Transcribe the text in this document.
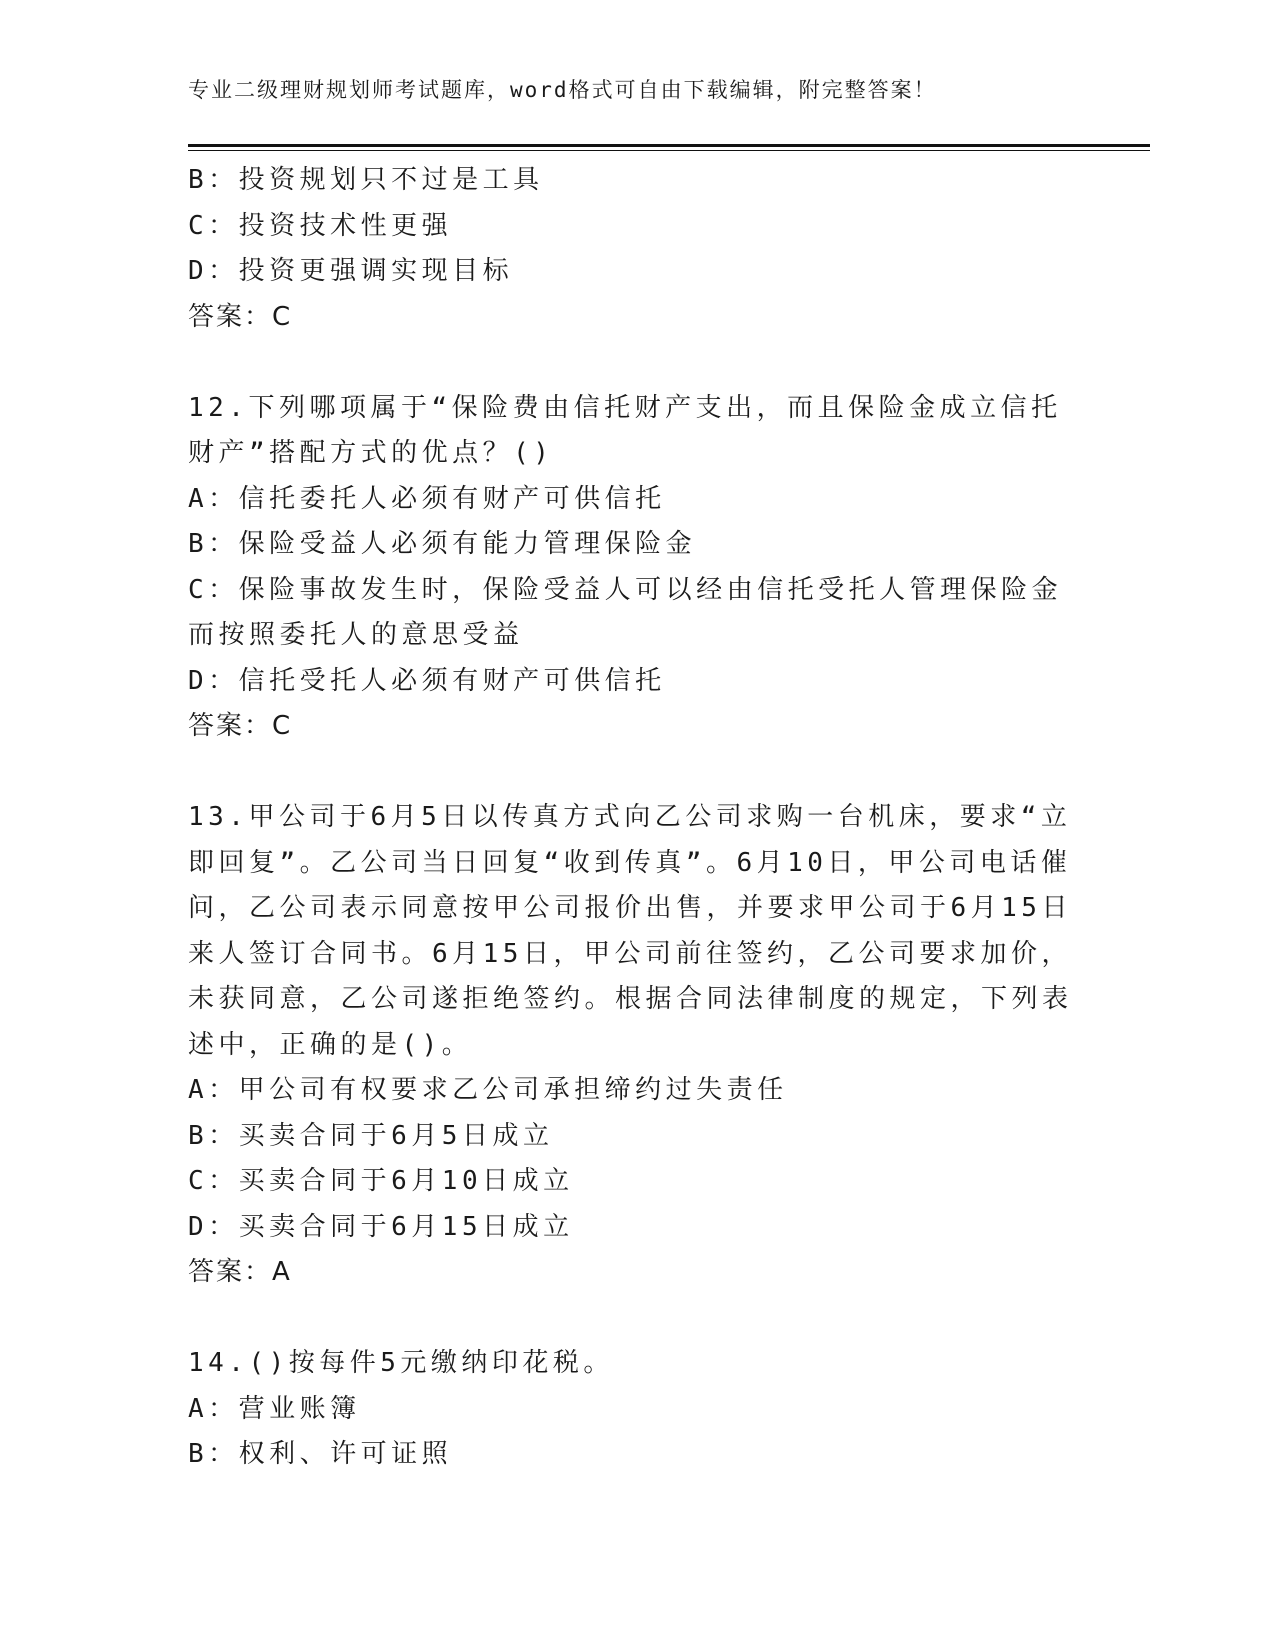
专业二级理财规划师考试题库，word格式可自由下载编辑，附完整答案！

B：投资规划只不过是工具

C：投资技术性更强

D：投资更强调实现目标

答案：C

12.下列哪项属于“保险费由信托财产支出，而且保险金成立信托财产”搭配方式的优点？()

A：信托委托人必须有财产可供信托

B：保险受益人必须有能力管理保险金

C：保险事故发生时，保险受益人可以经由信托受托人管理保险金而按照委托人的意思受益

D：信托受托人必须有财产可供信托

答案：C

13.甲公司于6月5日以传真方式向乙公司求购一台机床，要求“立即回复”。乙公司当日回复“收到传真”。6月10日，甲公司电话催问，乙公司表示同意按甲公司报价出售，并要求甲公司于6月15日来人签订合同书。6月15日，甲公司前往签约，乙公司要求加价，未获同意，乙公司遂拒绝签约。根据合同法律制度的规定，下列表述中，正确的是()。

A：甲公司有权要求乙公司承担缔约过失责任

B：买卖合同于6月5日成立

C：买卖合同于6月10日成立

D：买卖合同于6月15日成立

答案：A

14.()按每件5元缴纳印花税。

A：营业账簿

B：权利、许可证照
